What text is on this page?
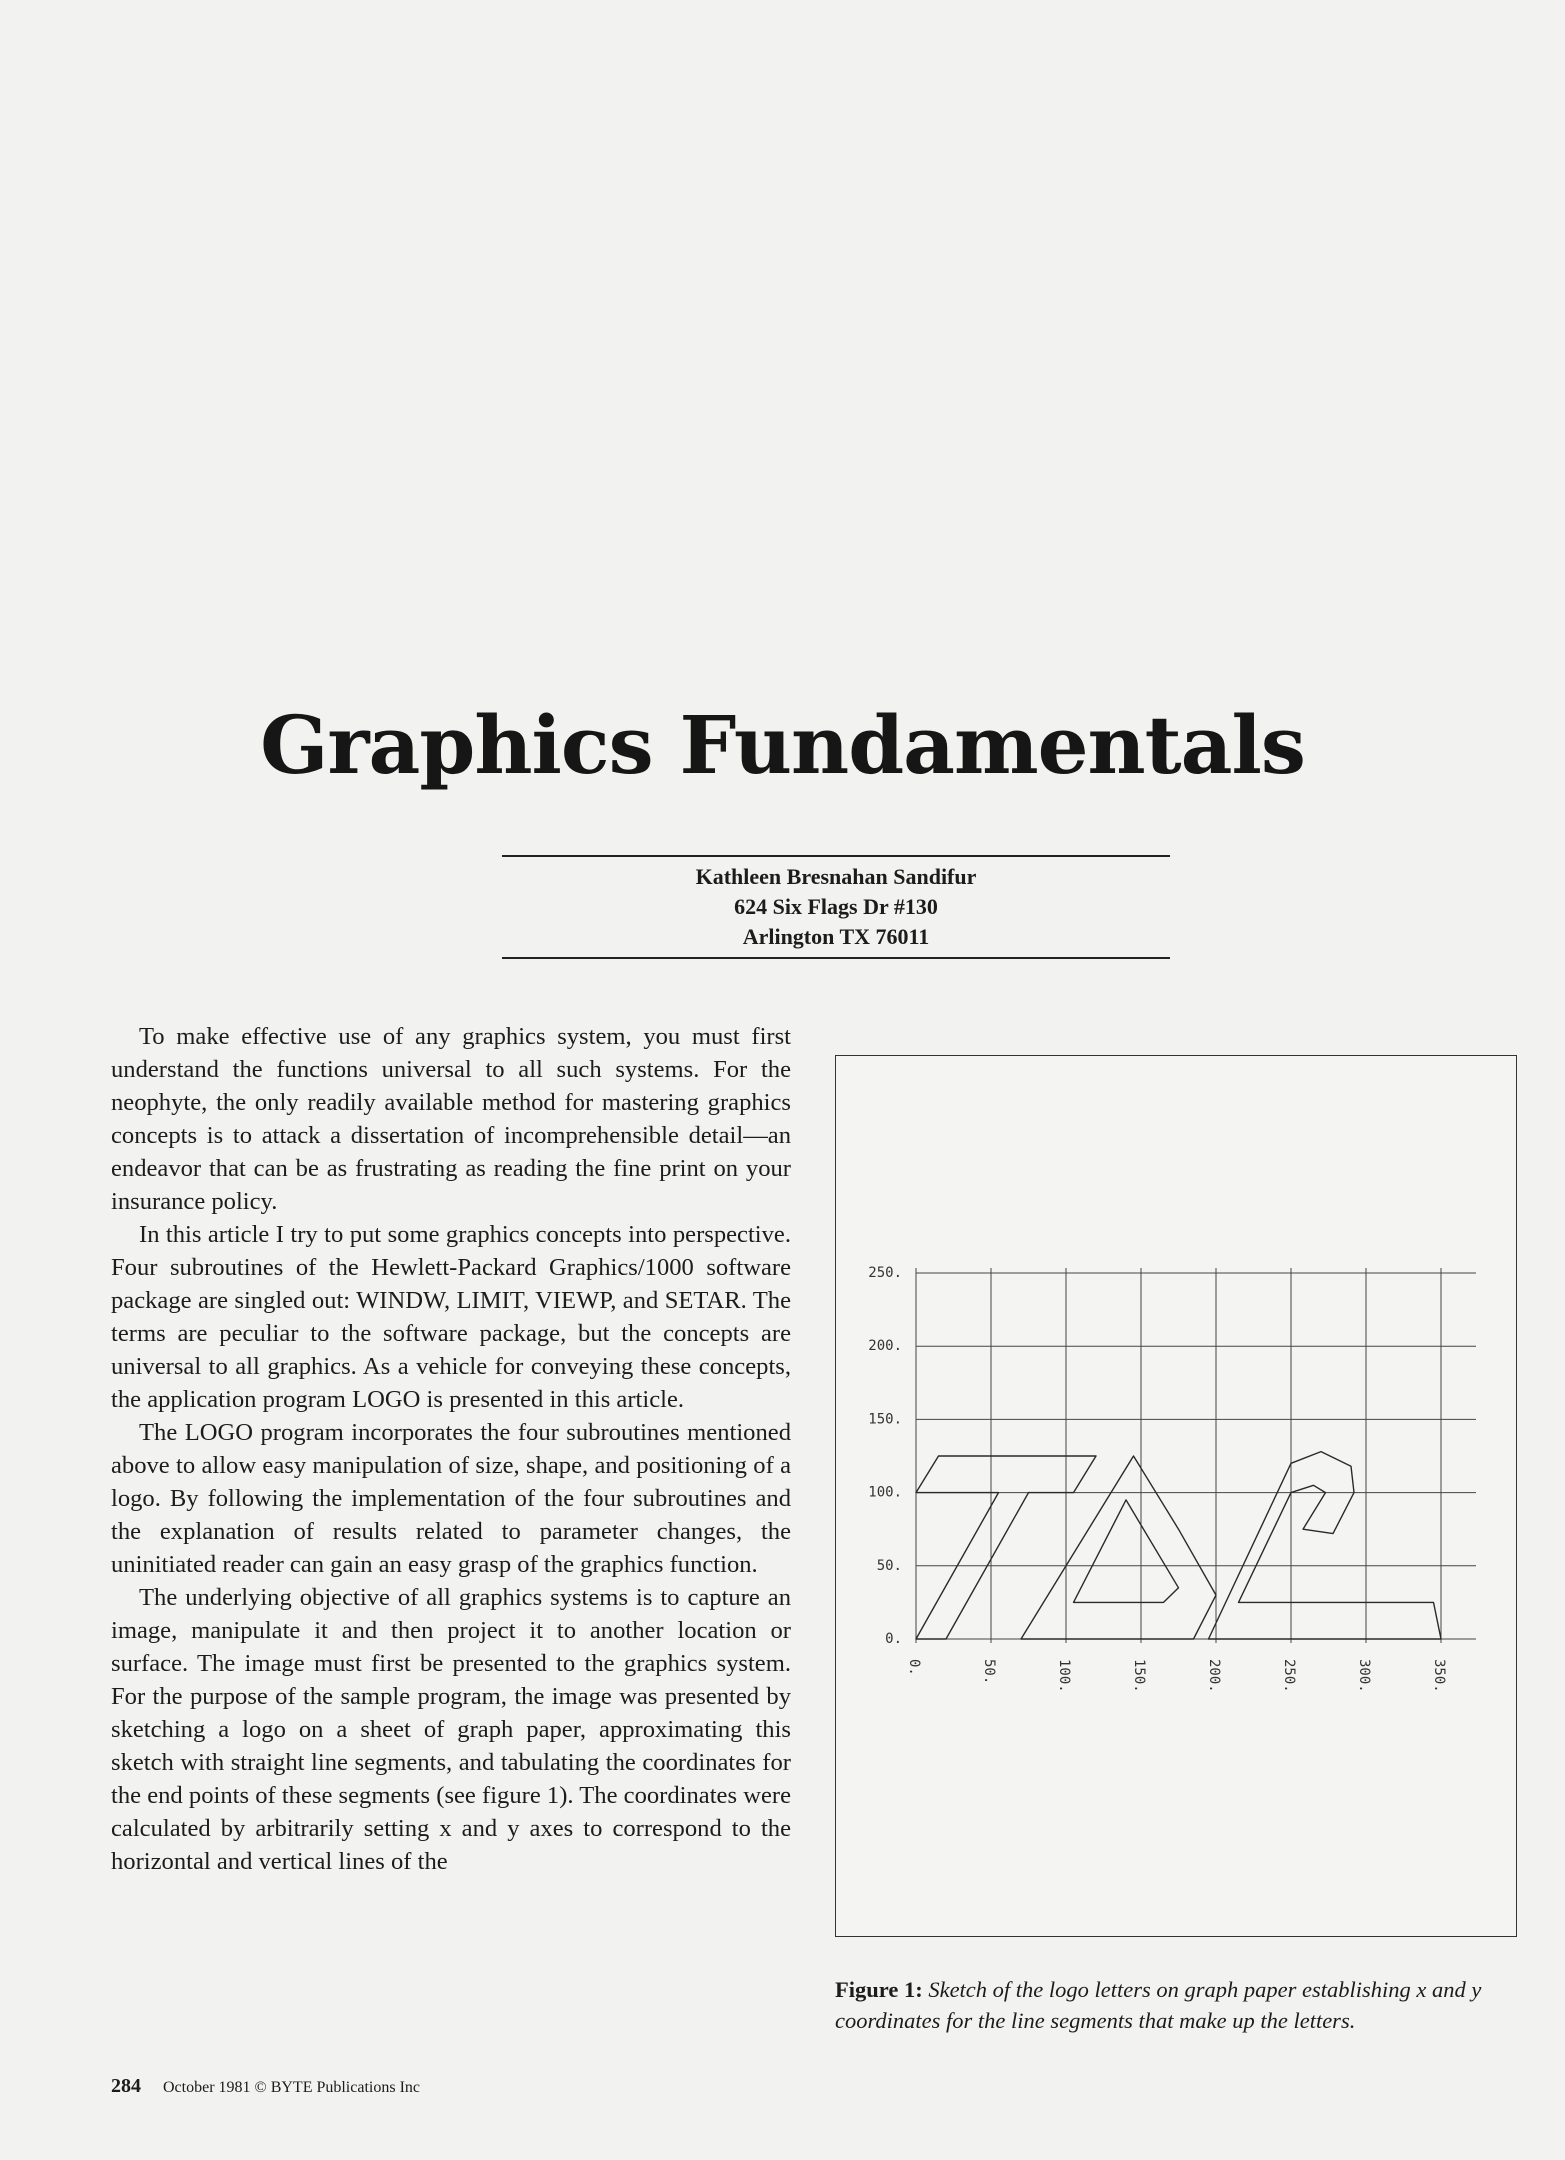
Graphics Fundamentals
Kathleen Bresnahan Sandifur
624 Six Flags Dr #130
Arlington TX 76011

To make effective use of any graphics system, you must first understand the functions universal to all such systems. For the neophyte, the only readily available method for mastering graphics concepts is to attack a dissertation of incomprehensible detail—an endeavor that can be as frustrating as reading the fine print on your insurance policy.

In this article I try to put some graphics concepts into perspective. Four subroutines of the Hewlett-Packard Graphics/1000 software package are singled out: WINDW, LIMIT, VIEWP, and SETAR. The terms are peculiar to the software package, but the concepts are universal to all graphics. As a vehicle for conveying these concepts, the application program LOGO is presented in this article.

The LOGO program incorporates the four subroutines mentioned above to allow easy manipulation of size, shape, and positioning of a logo. By following the implementation of the four subroutines and the explanation of results related to parameter changes, the uninitiated reader can gain an easy grasp of the graphics function.

The underlying objective of all graphics systems is to capture an image, manipulate it and then project it to another location or surface. The image must first be presented to the graphics system. For the purpose of the sample program, the image was presented by sketching a logo on a sheet of graph paper, approximating this sketch with straight line segments, and tabulating the coordinates for the end points of these segments (see figure 1). The coordinates were calculated by arbitrarily setting x and y axes to correspond to the horizontal and vertical lines of the

0.
50.
100.
150.
200.
250.
0.	50.	100.	150.	200.	250.	300.	350.
Figure 1: Sketch of the logo letters on graph paper establishing x and y coordinates for the line segments that make up the letters.
284 October 1981 © BYTE Publications Inc
